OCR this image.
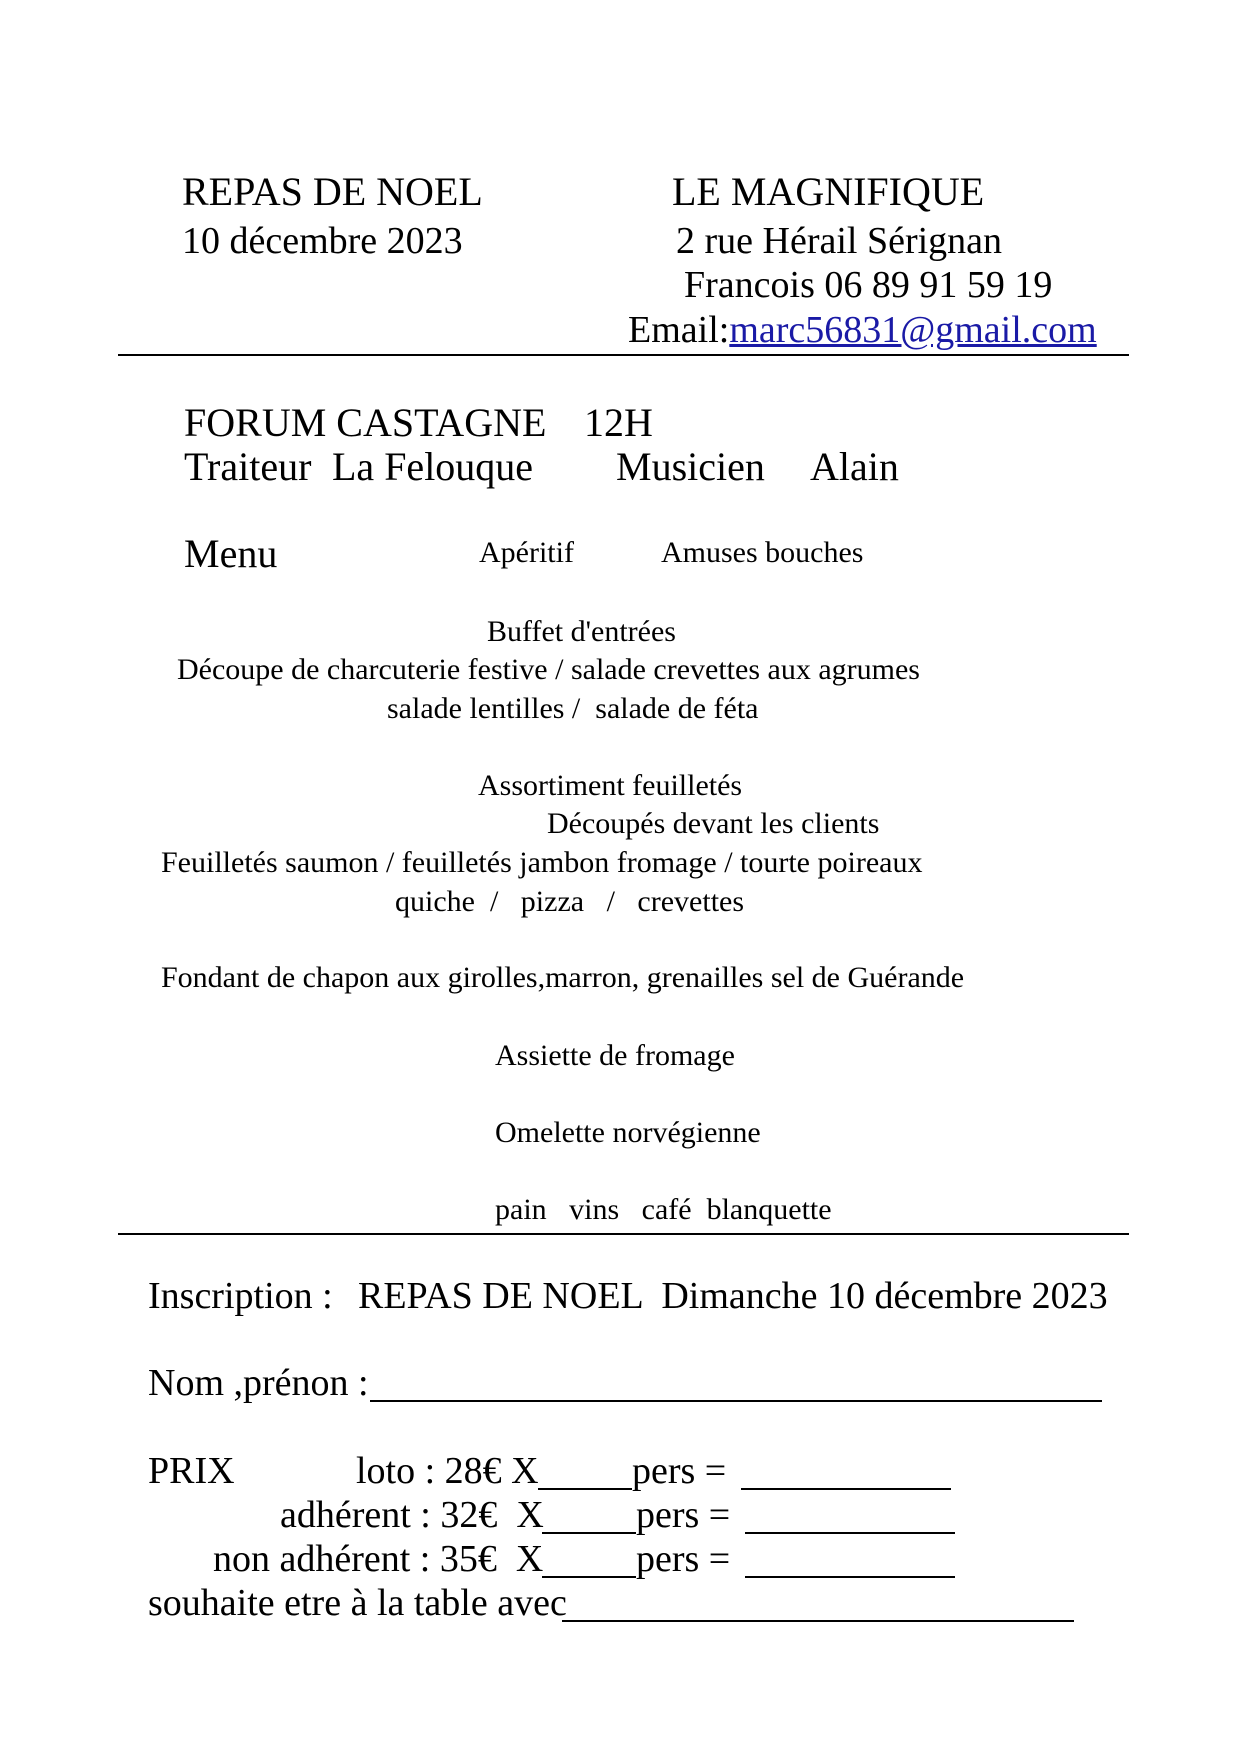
REPAS DE NOEL	LE MAGNIFIQUE
10 décembre 2023	2 rue Hérail Sérignan
Francois 06 89 91 59 19
Email:marc56831@gmail.com
FORUM CASTAGNE 12H
Traiteur La Felouque Musicien Alain
Menu	Apéritif	Amuses bouches
Buffet d'entrées
Découpe de charcuterie festive / salade crevettes aux agrumes
salade lentilles /  salade de féta
Assortiment feuilletés
Découpés devant les clients
Feuilletés saumon / feuilletés jambon fromage / tourte poireaux
quiche  /   pizza   /   crevettes
Fondant de chapon aux girolles,marron, grenailles sel de Guérande
Assiette de fromage
Omelette norvégienne
pain   vins   café  blanquette
Inscription : REPAS DE NOEL  Dimanche 10 décembre 2023
Nom ,prénon :
PRIX	loto : 28€ X pers =
adhérent : 32€  X pers =
non adhérent : 35€  X pers =
souhaite etre à la table avec
